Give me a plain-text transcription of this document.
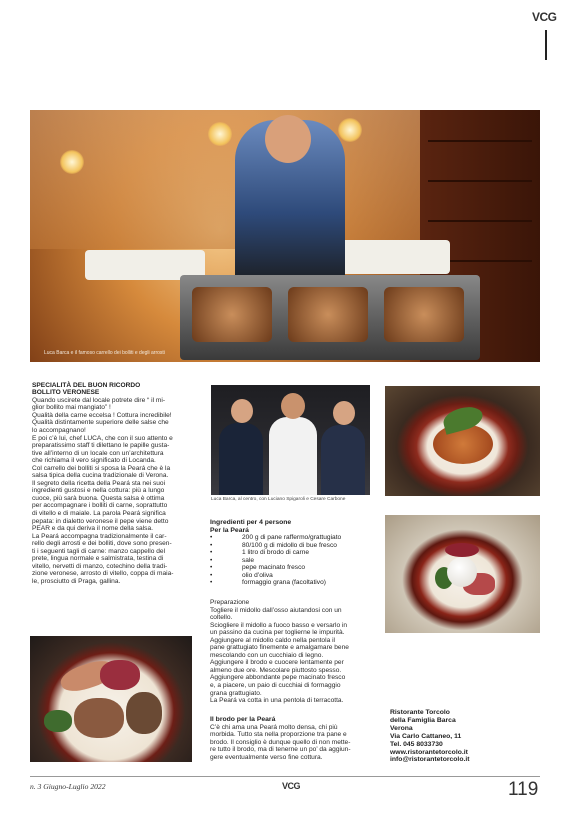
VCG
Luca Barca e il famoso carrello dei bolliti e degli arrosti
SPECIALITÀ DEL BUON RICORDO
BOLLITO VERONESE
Quando uscirete dal locale potrete dire “ il mi-
glior bollito mai mangiato” !
Qualità della carne eccelsa ! Cottura incredibile!
Qualità distintamente superiore delle salse che
lo accompagnano!
E poi c’è lui, chef LUCA, che con il suo attento e
preparatissimo staff ti dilettano le papille gusta-
tive all’interno di un locale con un’architettura
che richiama il vero significato di Locanda.
Col carrello dei bolliti si sposa la Peará che è la
salsa tipica della cucina tradizionale di Verona.
Il segreto della ricetta della Peará sta nei suoi
ingredienti gustosi e nella cottura: più a lungo
cuoce, più sarà buona. Questa salsa è ottima
per accompagnare i bolliti di carne, soprattutto
di vitello e di maiale. La parola Peará significa
pepata: in dialetto veronese il pepe viene detto
PEAR e da qui deriva il nome della salsa.
La Peará accompagna tradizionalmente il car-
rello degli arrosti e dei bolliti, dove sono presen-
ti i seguenti tagli di carne: manzo cappello del
prete, lingua normale e salmistrata, testina di
vitello, nervetti di manzo, cotechino della tradi-
zione veronese, arrosto di vitello, coppa di maia-
le, prosciutto di Praga, gallina.
Luca Barca, al centro, con Luciano Spigaroli e Cesare Carbone
Ingredienti per 4 persone
Per la Peará
•	200 g di pane raffermo/grattugiato
•	80/100 g di midollo di bue fresco
•	1 litro di brodo di carne
•	sale
•	pepe macinato fresco
•	olio d’oliva
•	formaggio grana (facoltativo)
Preparazione
Togliere il midollo dall’osso aiutandosi con un
coltello.
Sciogliere il midollo a fuoco basso e versarlo in
un passino da cucina per toglierne le impurità.
Aggiungere al midollo caldo nella pentola il
pane grattugiato finemente e amalgamare bene
mescolando con un cucchiaio di legno.
Aggiungere il brodo e cuocere lentamente per
almeno due ore. Mescolare piuttosto spesso.
Aggiungere abbondante pepe macinato fresco
e, a piacere, un paio di cucchiai di formaggio
grana grattugiato.
La Peará va cotta in una pentola di terracotta.
Il brodo per la Peará
C’è chi ama una Peará molto densa, chi più
morbida. Tutto sta nella proporzione tra pane e
brodo. Il consiglio è dunque quello di non mette-
re tutto il brodo, ma di tenerne un po’ da aggiun-
gere eventualmente verso fine cottura.
Ristorante Torcolo
della Famiglia Barca
Verona
Via Carlo Cattaneo, 11
Tel. 045 8033730
www.ristorantetorcolo.it
info@ristorantetorcolo.it
n. 3 Giugno-Luglio 2022	VCG	119
